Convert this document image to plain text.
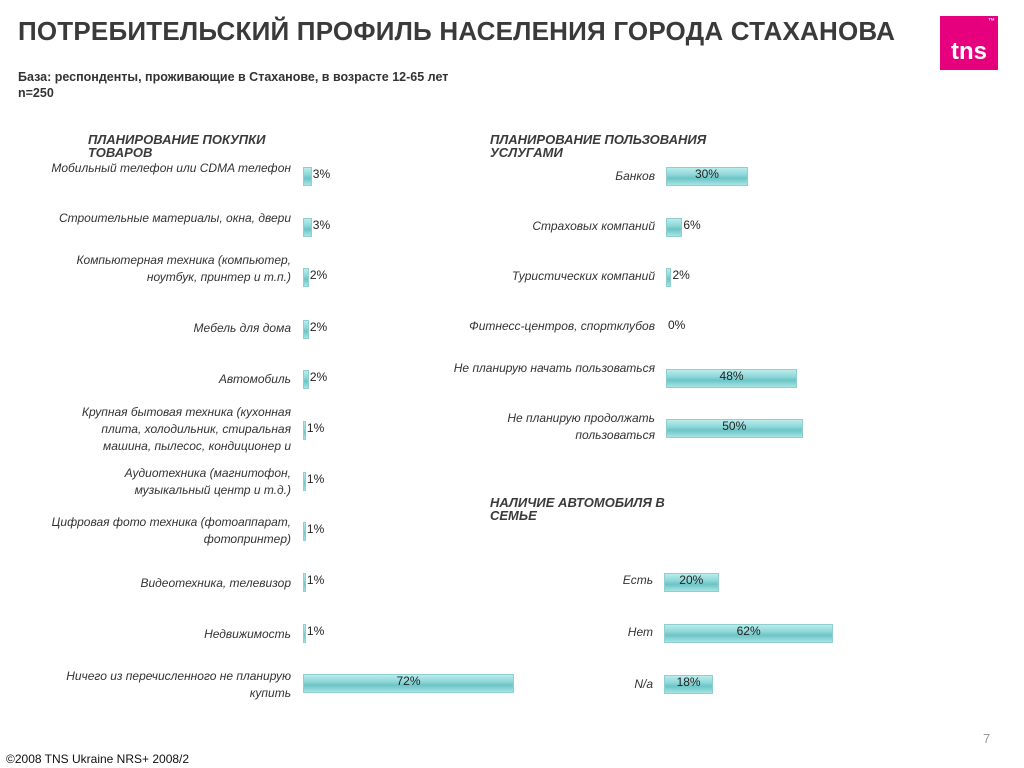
ПОТРЕБИТЕЛЬСКИЙ ПРОФИЛЬ НАСЕЛЕНИЯ ГОРОДА СТАХАНОВА
tns
™
База: респонденты, проживающие в Стаханове, в возрасте 12-65 лет
n=250
ПЛАНИРОВАНИЕ ПОКУПКИ ТОВАРОВ
ПЛАНИРОВАНИЕ ПОЛЬЗОВАНИЯ УСЛУГАМИ
НАЛИЧИЕ АВТОМОБИЛЯ В СЕМЬЕ
Мобильный телефон или CDMA телефон 3%
Строительные материалы, окна, двери 3%
Компьютерная техника (компьютер, ноутбук, принтер и т.п.) 2%
Мебель для дома 2%
Автомобиль 2%
Крупная бытовая техника (кухонная плита, холодильник, стиральная машина, пылесос, кондиционер и
1%
Аудиотехника (магнитофон, музыкальный центр и т.д.)
1%
Цифровая фото техника (фотоаппарат, фотопринтер)
1%
Видеотехника, телевизор 1%
Недвижимость 1%
Ничего из перечисленного не планирую купить
72%
Банков	30%
Страховых компаний 6%
Туристических компаний 2%
Фитнесс-центров, спортклубов 0%
Не планирую начать пользоваться
48%
Не планирую продолжать пользоваться
50%
Есть 20%
Нет	62%
N/a 18%
7
©2008 TNS Ukraine NRS+ 2008/2
